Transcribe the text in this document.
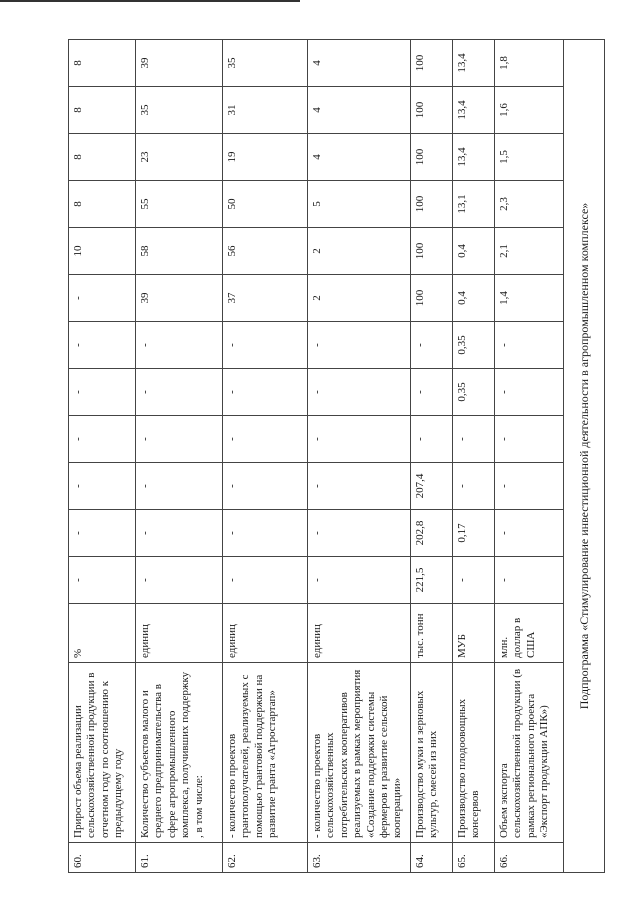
60.	Прирост объема реализации сельскохозяйственной продукции в отчетном году по соотношению к предыдущему году	%	-	-	-	-	-	-	-	10	8	8	8	8
61.	Количество субъектов малого и среднего предпринимательства в сфере агропромышленного комплекса, получивших поддержку , в том числе:	единиц	-	-	-	-	-	-	39	58	55	23	35	39
62.	- количество проектов грантополучателей, реализуемых с помощью грантовой поддержки на развитие гранта «Агростартап»	единиц	-	-	-	-	-	-	37	56	50	19	31	35
63.	- количество проектов сельскохозяйственных потребительских кооперативов реализуемых в рамках мероприятия «Создание поддержки системы фермеров и развитие сельской кооперации»	единиц	-	-	-	-	-	-	2	2	5	4	4	4
64.	Производство муки и зерновых культур, смесей из них	тыс. тонн	221,5	202,8	207,4	-	-	-	100	100	100	100	100	100
65.	Производство плодоовощных консервов	МУБ	-	0,17	-	-	0,35	0,35	0,4	0,4	13,1	13,4	13,4	13,4
66.	Объем экспорта сельскохозяйственной продукции (в рамках регионального проекта «Экспорт продукции АПК»)	млн. доллар в США	-	-	-	-	-	-	1,4	2,1	2,3	1,5	1,6	1,8
Подпрограмма «Стимулирование инвестиционной деятельности в агропромышленном комплексе»														
